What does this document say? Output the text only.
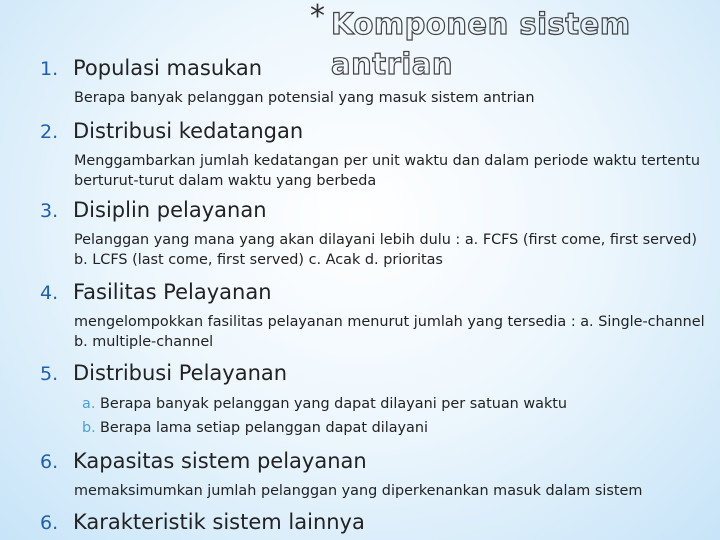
* Komponen sistem antrian
1. Populasi masukan
Berapa banyak pelanggan potensial yang masuk sistem antrian
2. Distribusi kedatangan
Menggambarkan jumlah kedatangan per unit waktu dan dalam periode waktu tertentu berturut-turut dalam waktu yang berbeda
3. Disiplin pelayanan
Pelanggan yang mana yang akan dilayani lebih dulu : a. FCFS (first come, first served) b. LCFS (last come, first served) c. Acak d. prioritas
4. Fasilitas Pelayanan
mengelompokkan fasilitas pelayanan menurut jumlah yang tersedia : a. Single-channel b. multiple-channel
5. Distribusi Pelayanan
a. Berapa banyak pelanggan yang dapat dilayani per satuan waktu
b. Berapa lama setiap pelanggan dapat dilayani
6. Kapasitas sistem pelayanan
memaksimumkan jumlah pelanggan yang diperkenankan masuk dalam sistem
6. Karakteristik sistem lainnya
